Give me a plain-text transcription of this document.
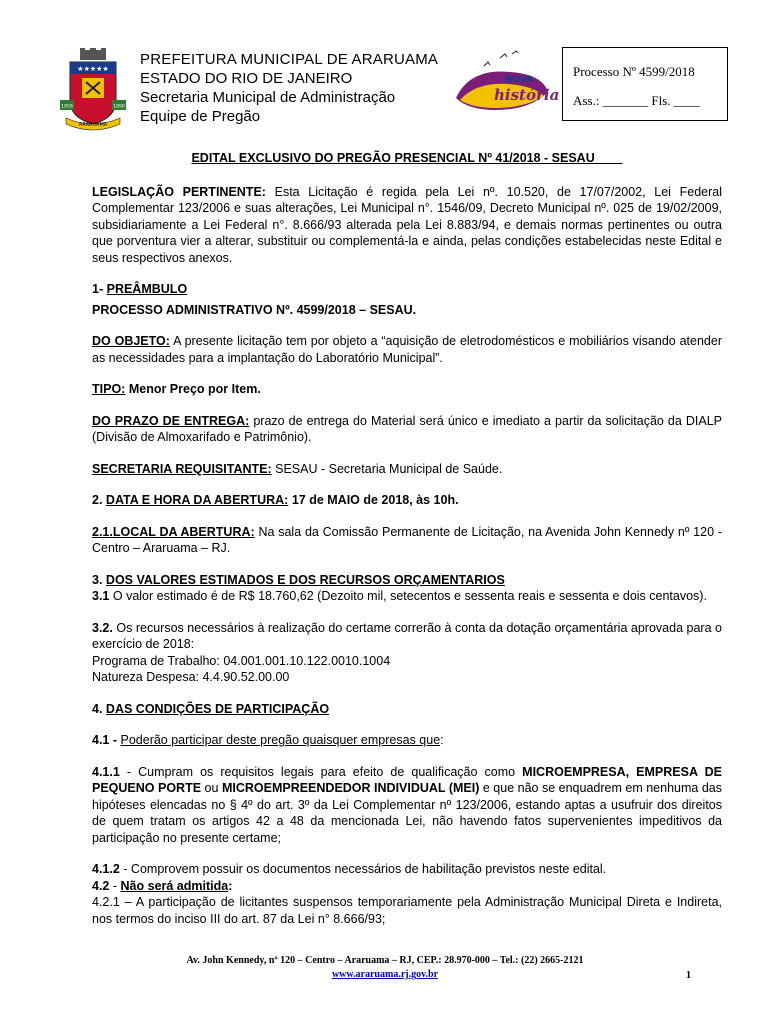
★★★★★
1859	1890
ARARUAMA
PREFEITURA MUNICIPAL DE ARARUAMA
ESTADO DO RIO DE JANEIRO
Secretaria Municipal de Administração
Equipe de Pregão
NOVA
história
Processo Nº 4599/2018
Ass.: _______ Fls. ____
EDITAL EXCLUSIVO DO PREGÃO PRESENCIAL Nº 41/2018 - SESAU

LEGISLAÇÃO PERTINENTE: Esta Licitação é regida pela Lei nº. 10.520, de 17/07/2002, Lei Federal Complementar 123/2006 e suas alterações, Lei Municipal n°. 1546/09, Decreto Municipal nº. 025 de 19/02/2009, subsidiariamente a Lei Federal n°. 8.666/93 alterada pela Lei 8.883/94, e demais normas pertinentes ou outra que porventura vier a alterar, substituir ou complementá-la e ainda, pelas condições estabelecidas neste Edital e seus respectivos anexos.

1- PREÂMBULO

PROCESSO ADMINISTRATIVO Nº. 4599/2018 – SESAU.

DO OBJETO: A presente licitação tem por objeto a “aquisição de eletrodomésticos e mobiliários visando atender as necessidades para a implantação do Laboratório Municipal”.

TIPO: Menor Preço por Item.

DO PRAZO DE ENTREGA: prazo de entrega do Material será único e imediato a partir da solicitação da DIALP (Divisão de Almoxarifado e Patrimônio).

SECRETARIA REQUISITANTE: SESAU - Secretaria Municipal de Saúde.

2. DATA E HORA DA ABERTURA: 17 de MAIO de 2018, às 10h.

2.1.LOCAL DA ABERTURA: Na sala da Comissão Permanente de Licitação, na Avenida John Kennedy nº 120 - Centro – Araruama – RJ.

3. DOS VALORES ESTIMADOS E DOS RECURSOS ORÇAMENTARIOS

3.1 O valor estimado é de R$ 18.760,62 (Dezoito mil, setecentos e sessenta reais e sessenta e dois centavos).

3.2. Os recursos necessários à realização do certame correrão à conta da dotação orçamentária aprovada para o exercício de 2018:
Programa de Trabalho: 04.001.001.10.122.0010.1004
Natureza Despesa: 4.4.90.52.00.00

4. DAS CONDIÇÕES DE PARTICIPAÇÃO

4.1 - Poderão participar deste pregão quaisquer empresas que:

4.1.1 - Cumpram os requisitos legais para efeito de qualificação como MICROEMPRESA, EMPRESA DE PEQUENO PORTE ou MICROEMPREENDEDOR INDIVIDUAL (MEI) e que não se enquadrem em nenhuma das hipóteses elencadas no § 4º do art. 3º da Lei Complementar nº 123/2006, estando aptas a usufruir dos direitos de quem tratam os artigos 42 a 48 da mencionada Lei, não havendo fatos supervenientes impeditivos da participação no presente certame;

4.1.2 - Comprovem possuir os documentos necessários de habilitação previstos neste edital.

4.2 - Não será admitida:

4.2.1 – A participação de licitantes suspensos temporariamente pela Administração Municipal Direta e Indireta, nos termos do inciso III do art. 87 da Lei n° 8.666/93;

Av. John Kennedy, nº 120 – Centro – Araruama – RJ, CEP.: 28.970-000 – Tel.: (22) 2665-2121
www.araruama.rj.gov.br	1
